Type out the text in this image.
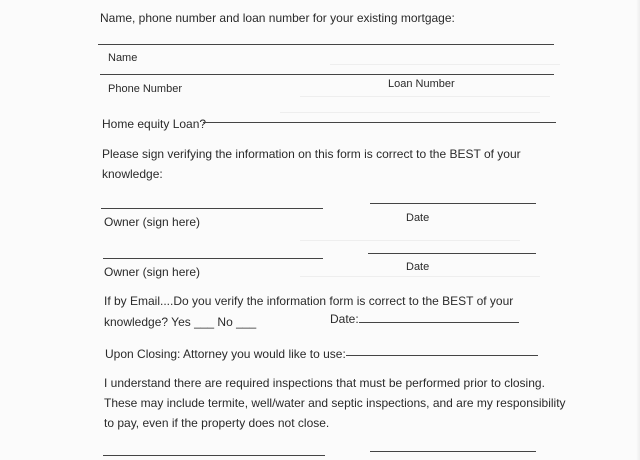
Name, phone number and loan number for your existing mortgage:
Name
Phone Number	Loan Number
Home equity Loan?
Please sign verifying the information on this form is correct to the BEST of your
knowledge:
Owner (sign here)	Date
Owner (sign here)	Date
If by Email....Do you verify the information form is correct to the BEST of your
knowledge? Yes ___ No ___	Date:
Upon Closing: Attorney you would like to use:
I understand there are required inspections that must be performed prior to closing.
These may include termite, well/water and septic inspections, and are my responsibility
to pay, even if the property does not close.
